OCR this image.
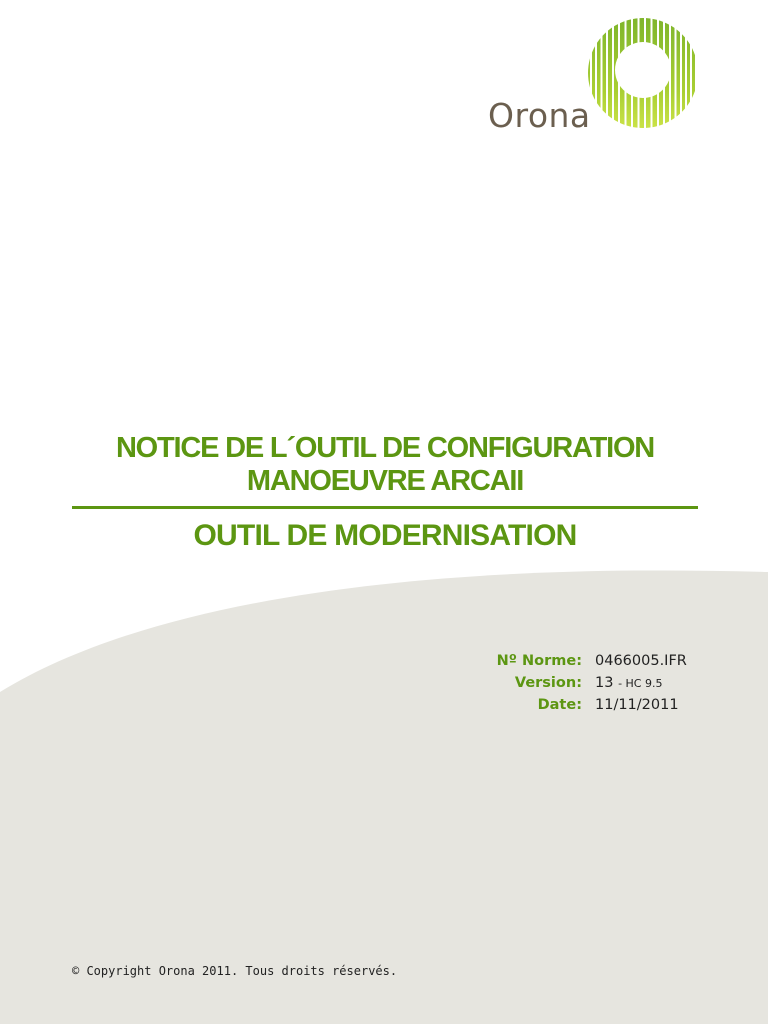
Orona
NOTICE DE L´OUTIL DE CONFIGURATION
MANOEUVRE ARCAII
OUTIL DE MODERNISATION
Nº Norme: 0466005.IFR
Version: 13 - HC 9.5
Date: 11/11/2011
© Copyright Orona 2011. Tous droits réservés.
